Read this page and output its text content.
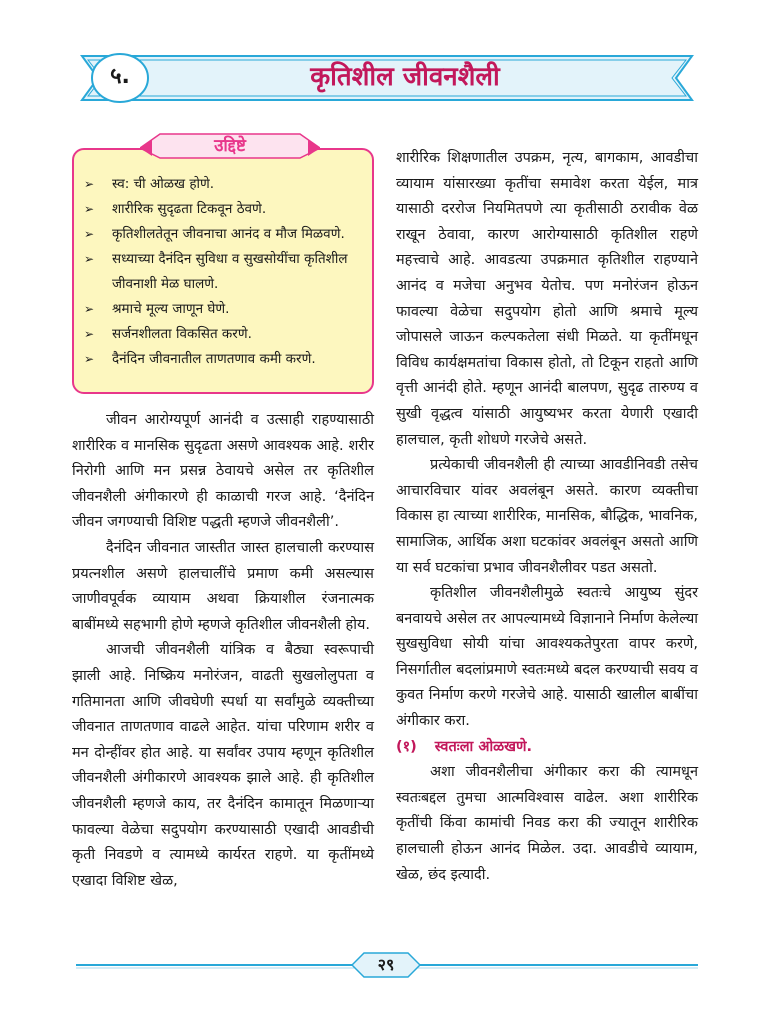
५.	कृतिशील जीवनशैली
उद्दिष्टे
➢ स्व: ची ओळख होणे.
➢ शारीरिक सुदृढता टिकवून ठेवणे.
➢ कृतिशीलतेतून जीवनाचा आनंद व मौज मिळवणे.
➢ सध्याच्या दैनंदिन सुविधा व सुखसोयींचा कृतिशील जीवनाशी मेळ घालणे.
➢ श्रमाचे मूल्य जाणून घेणे.
➢ सर्जनशीलता विकसित करणे.
➢ दैनंदिन जीवनातील ताणतणाव कमी करणे.

जीवन आरोग्यपूर्ण आनंदी व उत्साही राहण्यासाठी शारीरिक व मानसिक सुदृढता असणे आवश्यक आहे. शरीर निरोगी आणि मन प्रसन्न ठेवायचे असेल तर कृतिशील जीवनशैली अंगीकारणे ही काळाची गरज आहे. ‘दैनंदिन जीवन जगण्याची विशिष्ट पद्धती म्हणजे जीवनशैली’.

दैनंदिन जीवनात जास्तीत जास्त हालचाली करण्यास प्रयत्नशील असणे हालचालींचे प्रमाण कमी असल्यास जाणीवपूर्वक व्यायाम अथवा क्रियाशील रंजनात्मक बाबींमध्ये सहभागी होणे म्हणजे कृतिशील जीवनशैली होय.

आजची जीवनशैली यांत्रिक व बैठ्या स्वरूपाची झाली आहे. निष्क्रिय मनोरंजन, वाढती सुखलोलुपता व गतिमानता आणि जीवघेणी स्पर्धा या सर्वांमुळे व्यक्तीच्या जीवनात ताणतणाव वाढले आहेत. यांचा परिणाम शरीर व मन दोन्हींवर होत आहे. या सर्वांवर उपाय म्हणून कृतिशील जीवनशैली अंगीकारणे आवश्यक झाले आहे. ही कृतिशील जीवनशैली म्हणजे काय, तर दैनंदिन कामातून मिळणाऱ्या फावल्या वेळेचा सदुपयोग करण्यासाठी एखादी आवडीची कृती निवडणे व त्यामध्ये कार्यरत राहणे. या कृतींमध्ये एखादा विशिष्ट खेळ,

शारीरिक शिक्षणातील उपक्रम, नृत्य, बागकाम, आवडीचा व्यायाम यांसारख्या कृतींचा समावेश करता येईल, मात्र यासाठी दररोज नियमितपणे त्या कृतीसाठी ठरावीक वेळ राखून ठेवावा, कारण आरोग्यासाठी कृतिशील राहणे महत्त्वाचे आहे. आवडत्या उपक्रमात कृतिशील राहण्याने आनंद व मजेचा अनुभव येतोच. पण मनोरंजन होऊन फावल्या वेळेचा सदुपयोग होतो आणि श्रमाचे मूल्य जोपासले जाऊन कल्पकतेला संधी मिळते. या कृतींमधून विविध कार्यक्षमतांचा विकास होतो, तो टिकून राहतो आणि वृत्ती आनंदी होते. म्हणून आनंदी बालपण, सुदृढ तारुण्य व सुखी वृद्धत्व यांसाठी आयुष्यभर करता येणारी एखादी हालचाल, कृती शोधणे गरजेचे असते.

प्रत्येकाची जीवनशैली ही त्याच्या आवडीनिवडी तसेच आचारविचार यांवर अवलंबून असते. कारण व्यक्तीचा विकास हा त्याच्या शारीरिक, मानसिक, बौद्धिक, भावनिक, सामाजिक, आर्थिक अशा घटकांवर अवलंबून असतो आणि या सर्व घटकांचा प्रभाव जीवनशैलीवर पडत असतो.

कृतिशील जीवनशैलीमुळे स्वतःचे आयुष्य सुंदर बनवायचे असेल तर आपल्यामध्ये विज्ञानाने निर्माण केलेल्या सुखसुविधा सोयी यांचा आवश्यकतेपुरता वापर करणे, निसर्गातील बदलांप्रमाणे स्वतःमध्ये बदल करण्याची सवय व कुवत निर्माण करणे गरजेचे आहे. यासाठी खालील बाबींचा अंगीकार करा.

(१) स्वतःला ओळखणे.

अशा जीवनशैलीचा अंगीकार करा की त्यामधून स्वतःबद्दल तुमचा आत्मविश्वास वाढेल. अशा शारीरिक कृतींची किंवा कामांची निवड करा की ज्यातून शारीरिक हालचाली होऊन आनंद मिळेल. उदा. आवडीचे व्यायाम, खेळ, छंद इत्यादी.

२९
